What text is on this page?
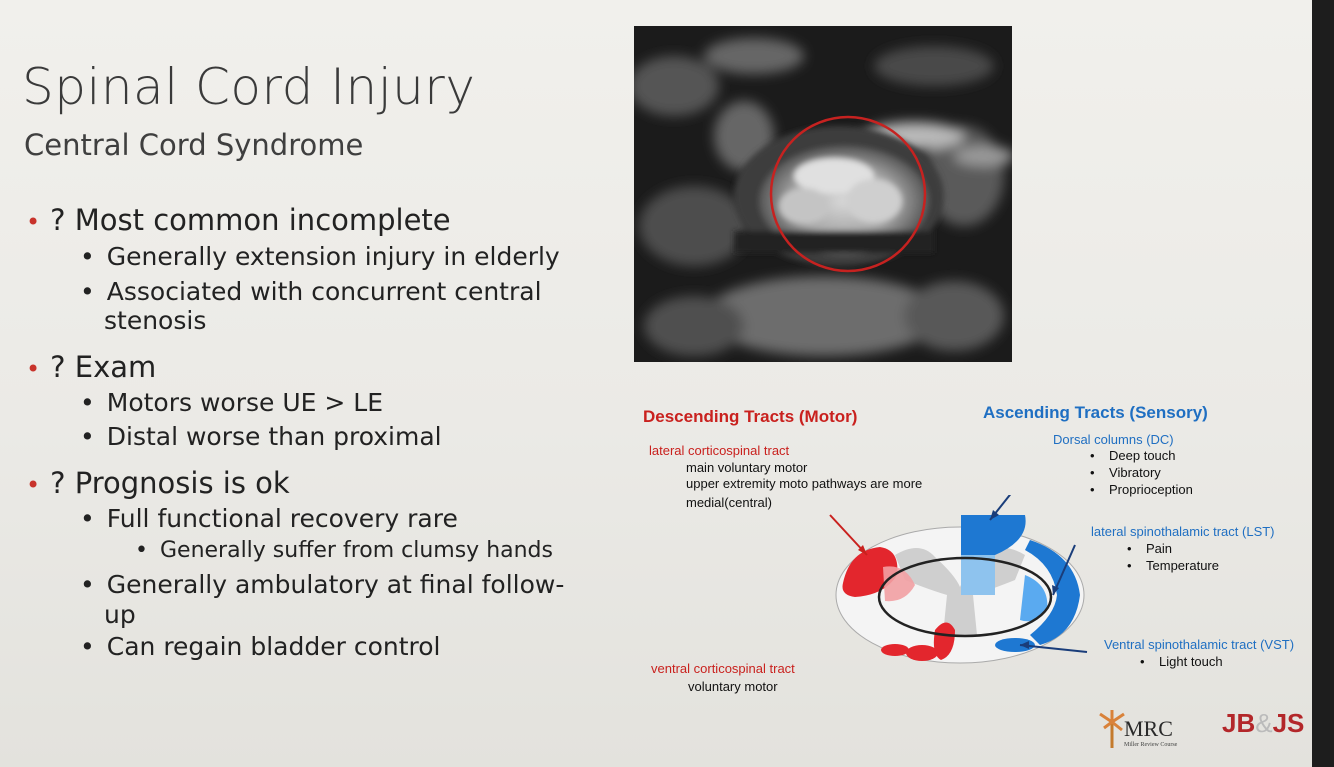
Spinal Cord Injury
Central Cord Syndrome
• ? Most common incomplete
• Generally extension injury in elderly
• Associated with concurrent central
stenosis
• ? Exam
• Motors worse UE > LE
• Distal worse than proximal
• ? Prognosis is ok
• Full functional recovery rare
• Generally suffer from clumsy hands
• Generally ambulatory at final follow-
up
• Can regain bladder control
Descending Tracts (Motor)	Ascending Tracts (Sensory)
lateral corticospinal tract
main voluntary motor
upper extremity moto pathways are more
medial(central)
ventral corticospinal tract
voluntary motor
Dorsal columns (DC)
• Deep touch
• Vibratory
• Proprioception
lateral spinothalamic tract (LST)
• Pain
• Temperature
Ventral spinothalamic tract (VST)
• Light touch
MRC
Miller Review Course
JB&JS
